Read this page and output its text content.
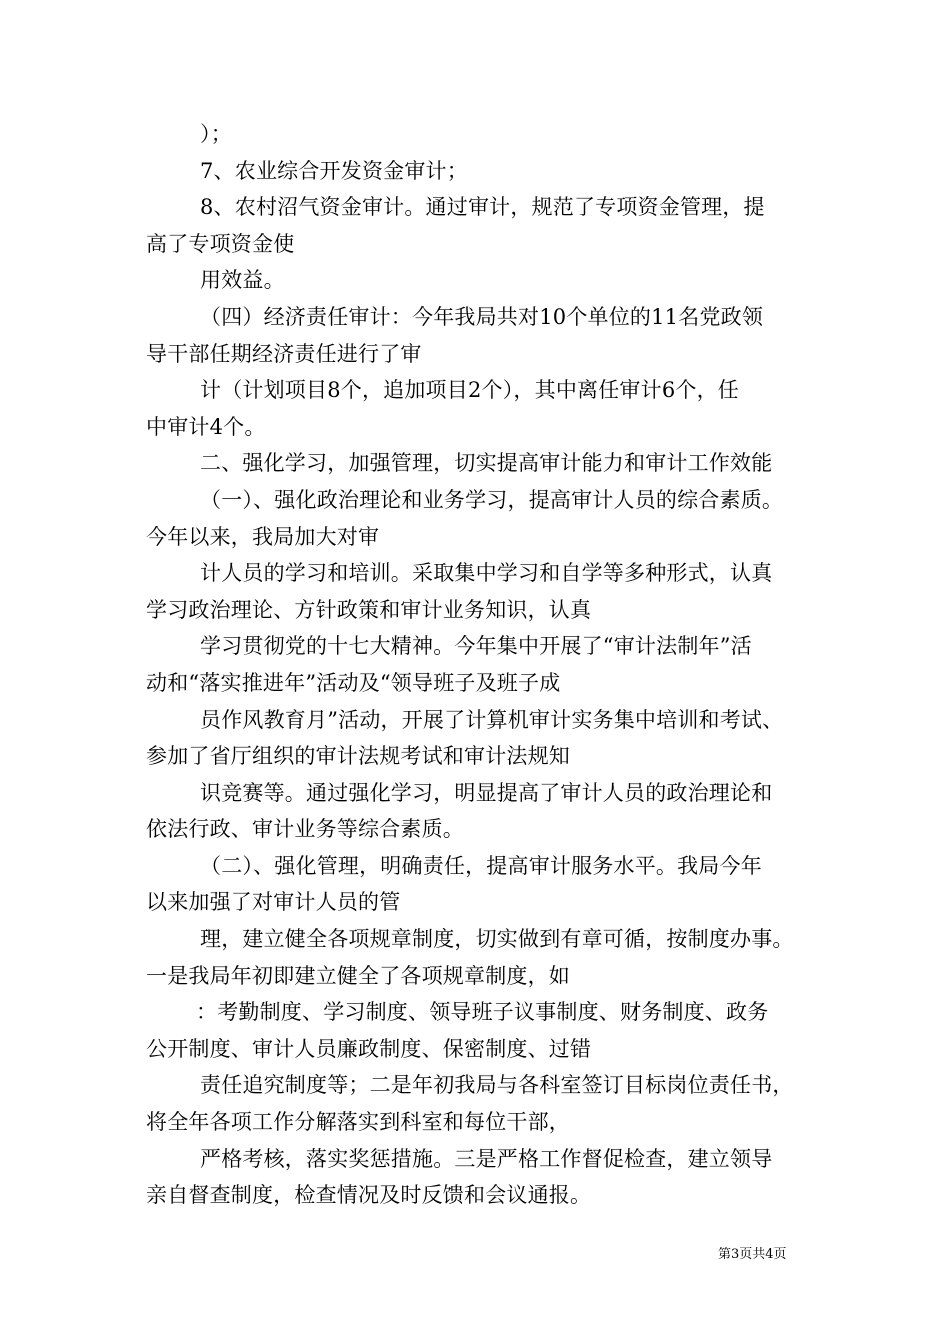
）；
7、农业综合开发资金审计；
8、农村沼气资金审计。通过审计，规范了专项资金管理，提
高了专项资金使
用效益。
（四）经济责任审计：今年我局共对10个单位的11名党政领
导干部任期经济责任进行了审
计（计划项目8个，追加项目2个），其中离任审计6个，任
中审计4个。
二、强化学习，加强管理，切实提高审计能力和审计工作效能
（一）、强化政治理论和业务学习，提高审计人员的综合素质。
今年以来，我局加大对审
计人员的学习和培训。采取集中学习和自学等多种形式，认真
学习政治理论、方针政策和审计业务知识，认真
学习贯彻党的十七大精神。今年集中开展了“审计法制年”活
动和“落实推进年”活动及“领导班子及班子成
员作风教育月”活动，开展了计算机审计实务集中培训和考试、
参加了省厅组织的审计法规考试和审计法规知
识竞赛等。通过强化学习，明显提高了审计人员的政治理论和
依法行政、审计业务等综合素质。
（二）、强化管理，明确责任，提高审计服务水平。我局今年
以来加强了对审计人员的管
理，建立健全各项规章制度，切实做到有章可循，按制度办事。
一是我局年初即建立健全了各项规章制度，如
：考勤制度、学习制度、领导班子议事制度、财务制度、政务
公开制度、审计人员廉政制度、保密制度、过错
责任追究制度等；二是年初我局与各科室签订目标岗位责任书，
将全年各项工作分解落实到科室和每位干部，
严格考核，落实奖惩措施。三是严格工作督促检查，建立领导
亲自督查制度，检查情况及时反馈和会议通报。
第3页共4页
